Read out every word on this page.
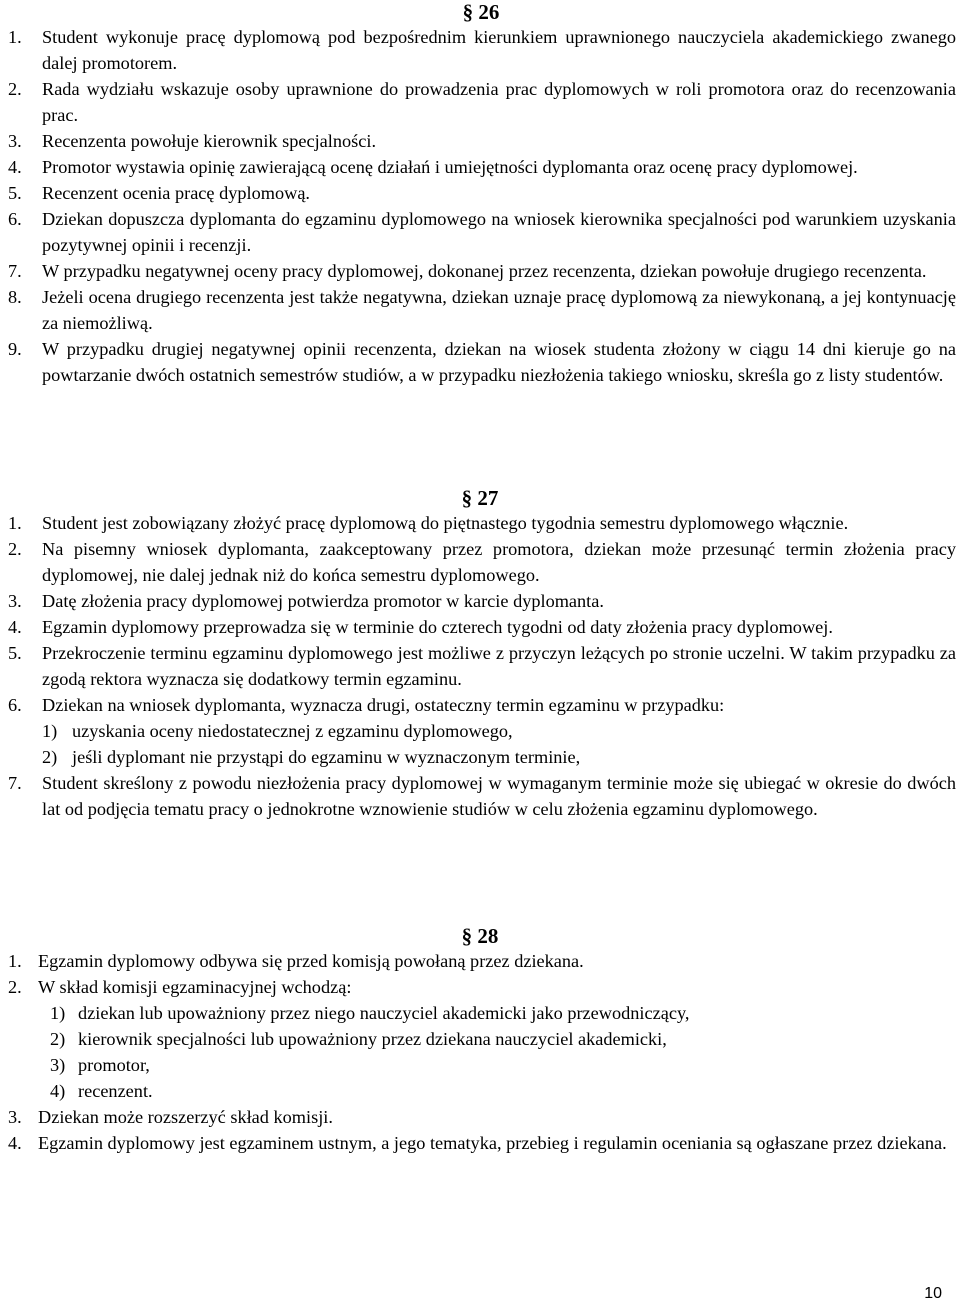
§ 26
1. Student wykonuje pracę dyplomową pod bezpośrednim kierunkiem uprawnionego nauczyciela akademickiego zwanego dalej promotorem.
2. Rada wydziału wskazuje osoby uprawnione do prowadzenia prac dyplomowych w roli promotora oraz do recenzowania prac.
3. Recenzenta powołuje kierownik specjalności.
4. Promotor wystawia opinię zawierającą ocenę działań i umiejętności dyplomanta oraz ocenę pracy dyplomowej.
5. Recenzent ocenia pracę dyplomową.
6. Dziekan dopuszcza dyplomanta do egzaminu dyplomowego na wniosek kierownika specjalności pod warunkiem uzyskania pozytywnej opinii i recenzji.
7. W przypadku negatywnej oceny pracy dyplomowej, dokonanej przez recenzenta, dziekan powołuje drugiego recenzenta.
8. Jeżeli ocena drugiego recenzenta jest także negatywna, dziekan uznaje pracę dyplomową za niewykonaną, a jej kontynuację za niemożliwą.
9. W przypadku drugiej negatywnej opinii recenzenta, dziekan na wiosek studenta złożony w ciągu 14 dni kieruje go na powtarzanie dwóch ostatnich semestrów studiów, a w przypadku niezłożenia takiego wniosku, skreśla go z listy studentów.
§ 27
1. Student jest zobowiązany złożyć pracę dyplomową do piętnastego tygodnia semestru dyplomowego włącznie.
2. Na pisemny wniosek dyplomanta, zaakceptowany przez promotora, dziekan może przesunąć termin złożenia pracy dyplomowej, nie dalej jednak niż do końca semestru dyplomowego.
3. Datę złożenia pracy dyplomowej potwierdza promotor w karcie dyplomanta.
4. Egzamin dyplomowy przeprowadza się w terminie do czterech tygodni od daty złożenia pracy dyplomowej.
5. Przekroczenie terminu egzaminu dyplomowego jest możliwe z przyczyn leżących po stronie uczelni. W takim przypadku za zgodą rektora wyznacza się dodatkowy termin egzaminu.
6. Dziekan na wniosek dyplomanta, wyznacza drugi, ostateczny termin egzaminu w przypadku:
1) uzyskania oceny niedostatecznej z egzaminu dyplomowego,
2) jeśli dyplomant nie przystąpi do egzaminu w wyznaczonym terminie,
7. Student skreślony z powodu niezłożenia pracy dyplomowej w wymaganym terminie może się ubiegać w okresie do dwóch lat od podjęcia tematu pracy o jednokrotne wznowienie studiów w celu złożenia egzaminu dyplomowego.
§ 28
1. Egzamin dyplomowy odbywa się przed komisją powołaną przez dziekana.
2. W skład komisji egzaminacyjnej wchodzą:
1) dziekan lub upoważniony przez niego nauczyciel akademicki jako przewodniczący,
2) kierownik specjalności lub upoważniony przez dziekana nauczyciel akademicki,
3) promotor,
4) recenzent.
3. Dziekan może rozszerzyć skład komisji.
4. Egzamin dyplomowy jest egzaminem ustnym, a jego tematyka, przebieg i regulamin oceniania są ogłaszane przez dziekana.
10
